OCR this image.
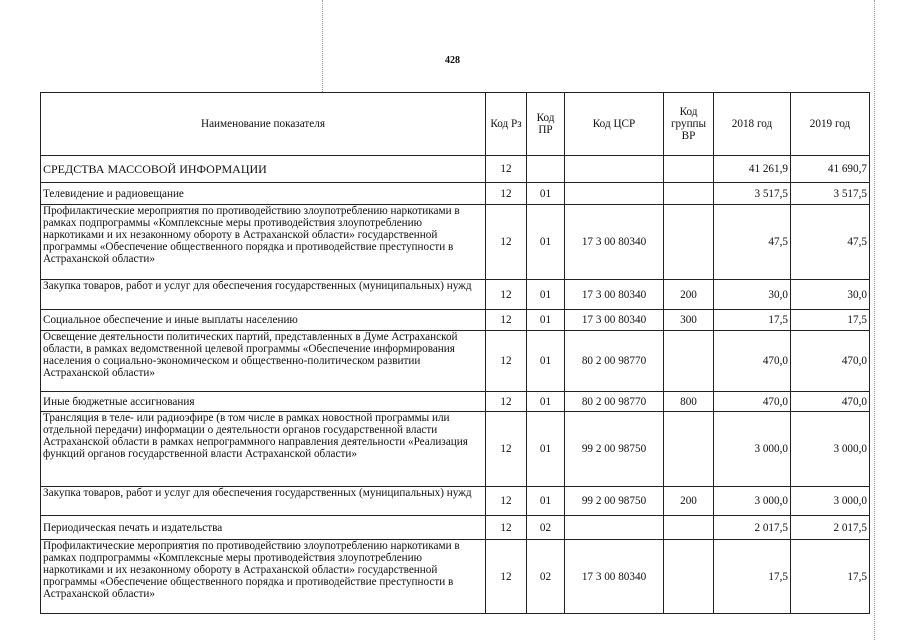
428
Наименование показателя	Код Рз	Код ПР	Код ЦСР	Код группы ВР	2018 год	2019 год
СРЕДСТВА МАССОВОЙ ИНФОРМАЦИИ	12				41 261,9	41 690,7
Телевидение и радиовещание	12	01			3 517,5	3 517,5
Профилактические мероприятия по противодействию злоупотреблению наркотиками в рамках подпрограммы «Комплексные меры противодействия злоупотреблению наркотиками и их незаконному обороту в Астраханской области» государственной программы «Обеспечение общественного порядка и противодействие преступности в Астраханской области»	12	01	17 3 00 80340		47,5	47,5
Закупка товаров, работ и услуг для обеспечения государственных (муниципальных) нужд	12	01	17 3 00 80340	200	30,0	30,0
Социальное обеспечение и иные выплаты населению	12	01	17 3 00 80340	300	17,5	17,5
Освещение деятельности политических партий, представленных в Думе Астраханской области, в рамках ведомственной целевой программы «Обеспечение информирования населения о социально-экономическом и общественно-политическом развитии Астраханской области»	12	01	80 2 00 98770		470,0	470,0
Иные бюджетные ассигнования	12	01	80 2 00 98770	800	470,0	470,0
Трансляция в теле- или радиоэфире (в том числе в рамках новостной программы или отдельной передачи) информации о деятельности органов государственной власти Астраханской области в рамках непрограммного направления деятельности «Реализация функций органов государственной власти Астраханской области»	12	01	99 2 00 98750		3 000,0	3 000,0
Закупка товаров, работ и услуг для обеспечения государственных (муниципальных) нужд	12	01	99 2 00 98750	200	3 000,0	3 000,0
Периодическая печать и издательства	12	02			2 017,5	2 017,5
Профилактические мероприятия по противодействию злоупотреблению наркотиками в рамках подпрограммы «Комплексные меры противодействия злоупотреблению наркотиками и их незаконному обороту в Астраханской области» государственной программы «Обеспечение общественного порядка и противодействие преступности в Астраханской области»	12	02	17 3 00 80340		17,5	17,5
